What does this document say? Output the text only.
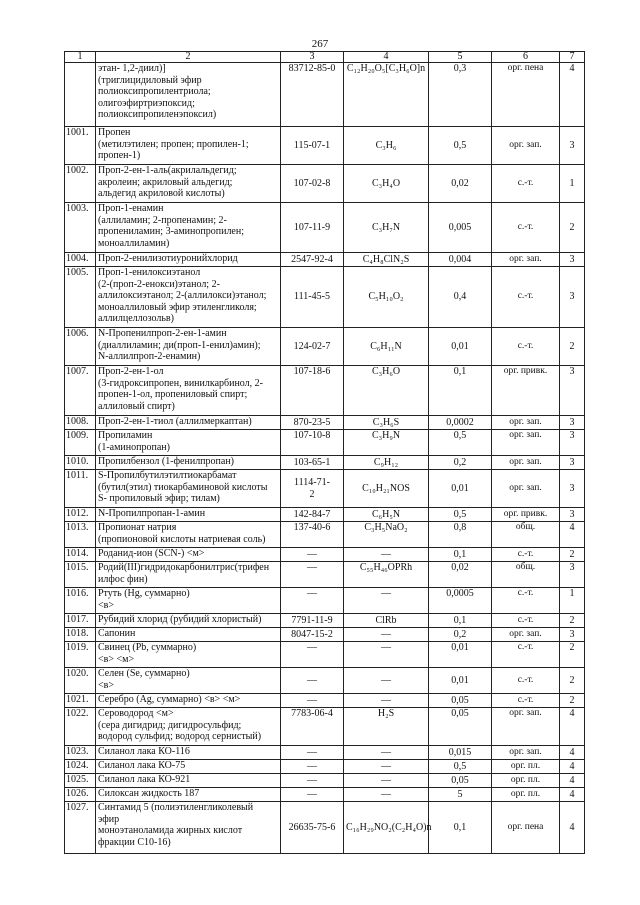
267
1	2	3	4	5	6	7

	этан- 1,2-диил)]
(триглицидиловый эфир
полиоксипропилентриола;
олигоэфиртриэпоксид;
полиоксипропиленэпоксил)	83712-85-0	C₁₂H₂₀O₅[C₃H₆O]n	0,3	орг. пена	4
1001.	Пропен
(метилэтилен; пропен; пропилен-1;
пропен-1)	115-07-1	C₃H₆	0,5	орг. зап.	3
1002.	Проп-2-ен-1-аль(акрилальдегид;
акролеин; акриловый альдегид;
альдегид акриловой кислоты)	107-02-8	C₃H₄O	0,02	с.-т.	1
1003.	Проп-1-енамин
(аллиламин; 2-пропенамин; 2-
пропениламин; 3-аминопропилен;
моноаллиламин)	107-11-9	C₃H₇N	0,005	с.-т.	2
1004.	Проп-2-енилизотиуронийхлорид	2547-92-4	C₄H₈ClN₂S	0,004	орг. зап.	3
1005.	Проп-1-енилоксиэтанол
(2-(проп-2-енокси)этанол; 2-
аллилоксиэтанол; 2-(аллилокси)этанол;
моноаллиловый эфир этиленгликоля;
аллилцеллозольв)	111-45-5	C₅H₁₀O₂	0,4	с.-т.	3
1006.	N-Пропенилпроп-2-ен-1-амин
(диаллиламин; ди(проп-1-енил)амин);
N-аллилпроп-2-енамин)	124-02-7	C₆H₁₁N	0,01	с.-т.	2
1007.	Проп-2-ен-1-ол
(3-гидроксипропен, винилкарбинол, 2-
пропен-1-ол, пропениловый спирт;
аллиловый спирт)	107-18-6	C₃H₆O	0,1	орг. привк.	3
1008.	Проп-2-ен-1-тиол (аллилмеркаптан)	870-23-5	C₃H₆S	0,0002	орг. зап.	3
1009.	Пропиламин
(1-аминопропан)	107-10-8	C₃H₉N	0,5	орг. зап.	3
1010.	Пропилбензол (1-фенилпропан)	103-65-1	C₉H₁₂	0,2	орг. зап.	3
1011.	S-Пропилбутилэтилтиокарбамат
(бутил(этил) тиокарбаминовой кислоты
S- пропиловый эфир; тилам)	1114-71-
2	C₁₀H₂₁NOS	0,01	орг. зап.	3
1012.	N-Пропилпропан-1-амин	142-84-7	C₆H₅N	0,5	орг. привк.	3
1013.	Пропионат натрия
(пропионовой кислоты натриевая соль)	137-40-6	C₃H₅NaO₂	0,8	общ.	4
1014.	Роданид-ион (SCN-) <м>	—	—	0,1	с.-т.	2
1015.	Родий(III)гидридокарбонилтрис(трифен
илфос фин)	—	C₅₅H₄₆OPRh	0,02	общ.	3
1016.	Ртуть (Hg, суммарно)
<в>	—	—	0,0005	с.-т.	1
1017.	Рубидий хлорид (рубидий хлористый)	7791-11-9	ClRb	0,1	с.-т.	2
1018.	Сапонин	8047-15-2	—	0,2	орг. зап.	3
1019.	Свинец (Pb, суммарно)
<в> <м>	—	—	0,01	с.-т.	2
1020.	Селен (Se, суммарно)
<в>	—	—	0,01	с.-т.	2
1021.	Серебро (Ag, суммарно) <в> <м>	—	—	0,05	с.-т.	2
1022.	Сероводород <м>
(сера дигидрид; дигидросульфид;
водород сульфид; водород сернистый)	7783-06-4	H₂S	0,05	орг. зап.	4
1023.	Силанол лака КО-116	—	—	0,015	орг. зап.	4
1024.	Силанол лака КО-75	—	—	0,5	орг. пл.	4
1025.	Силанол лака КО-921	—	—	0,05	орг. пл.	4
1026.	Силоксан жидкость 187	—	—	5	орг. пл.	4
1027.	Синтамид 5 (полиэтиленгликолевый
эфир
моноэтаноламида жирных кислот
фракции С10-16)	26635-75-6	C₁₆H₂₉NO₂(C₂H₄O)n	0,1	орг. пена	4
